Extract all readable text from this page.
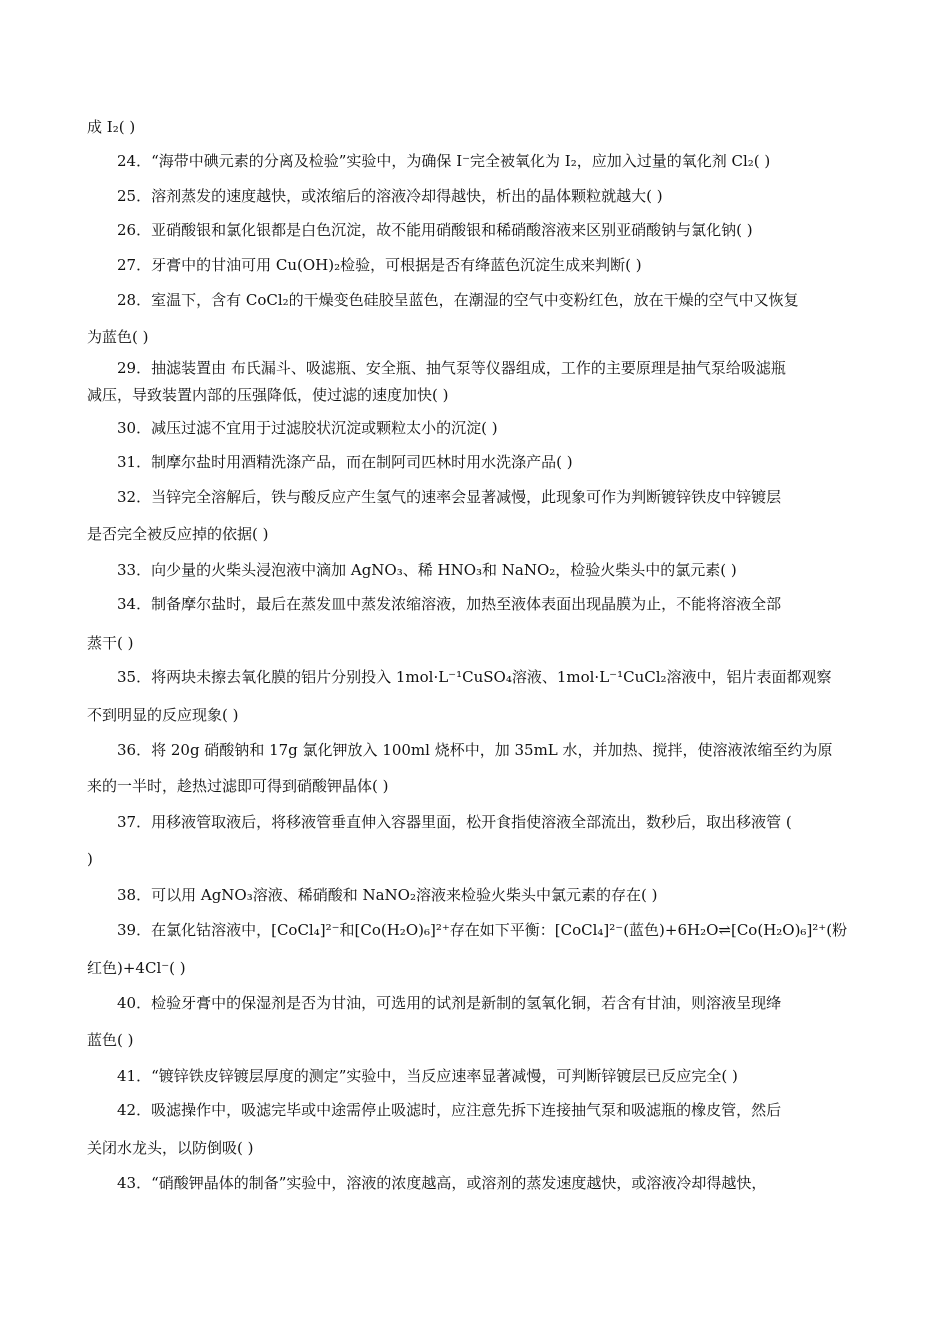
成 I₂( )
24．“海带中碘元素的分离及检验”实验中，为确保 I⁻完全被氧化为 I₂，应加入过量的氧化剂 Cl₂( )
25．溶剂蒸发的速度越快，或浓缩后的溶液冷却得越快，析出的晶体颗粒就越大( )
26．亚硝酸银和氯化银都是白色沉淀，故不能用硝酸银和稀硝酸溶液来区别亚硝酸钠与氯化钠( )
27．牙膏中的甘油可用 Cu(OH)₂检验，可根据是否有绛蓝色沉淀生成来判断( )
28．室温下，含有 CoCl₂的干燥变色硅胶呈蓝色，在潮湿的空气中变粉红色，放在干燥的空气中又恢复
为蓝色( )
29．抽滤装置由 布氏漏斗、吸滤瓶、安全瓶、抽气泵等仪器组成，工作的主要原理是抽气泵给吸滤瓶
减压，导致装置内部的压强降低，使过滤的速度加快( )
30．减压过滤不宜用于过滤胶状沉淀或颗粒太小的沉淀( )
31．制摩尔盐时用酒精洗涤产品，而在制阿司匹林时用水洗涤产品( )
32．当锌完全溶解后，铁与酸反应产生氢气的速率会显著减慢，此现象可作为判断镀锌铁皮中锌镀层
是否完全被反应掉的依据( )
33．向少量的火柴头浸泡液中滴加 AgNO₃、稀 HNO₃和 NaNO₂，检验火柴头中的氯元素( )
34．制备摩尔盐时，最后在蒸发皿中蒸发浓缩溶液，加热至液体表面出现晶膜为止，不能将溶液全部
蒸干( )
35．将两块未擦去氧化膜的铝片分别投入 1mol·L⁻¹CuSO₄溶液、1mol·L⁻¹CuCl₂溶液中，铝片表面都观察
不到明显的反应现象( )
36．将 20g 硝酸钠和 17g 氯化钾放入 100ml 烧杯中，加 35mL 水，并加热、搅拌，使溶液浓缩至约为原
来的一半时，趁热过滤即可得到硝酸钾晶体( )
37．用移液管取液后，将移液管垂直伸入容器里面，松开食指使溶液全部流出，数秒后，取出移液管 (
)
38．可以用 AgNO₃溶液、稀硝酸和 NaNO₂溶液来检验火柴头中氯元素的存在( )
39．在氯化钴溶液中，[CoCl₄]²⁻和[Co(H₂O)₆]²⁺存在如下平衡：[CoCl₄]²⁻(蓝色)+6H₂O⇌[Co(H₂O)₆]²⁺(粉
红色)+4Cl⁻( )
40．检验牙膏中的保湿剂是否为甘油，可选用的试剂是新制的氢氧化铜，若含有甘油，则溶液呈现绛
蓝色( )
41．“镀锌铁皮锌镀层厚度的测定”实验中，当反应速率显著减慢，可判断锌镀层已反应完全( )
42．吸滤操作中，吸滤完毕或中途需停止吸滤时，应注意先拆下连接抽气泵和吸滤瓶的橡皮管，然后
关闭水龙头，以防倒吸( )
43．“硝酸钾晶体的制备”实验中，溶液的浓度越高，或溶剂的蒸发速度越快，或溶液冷却得越快，
